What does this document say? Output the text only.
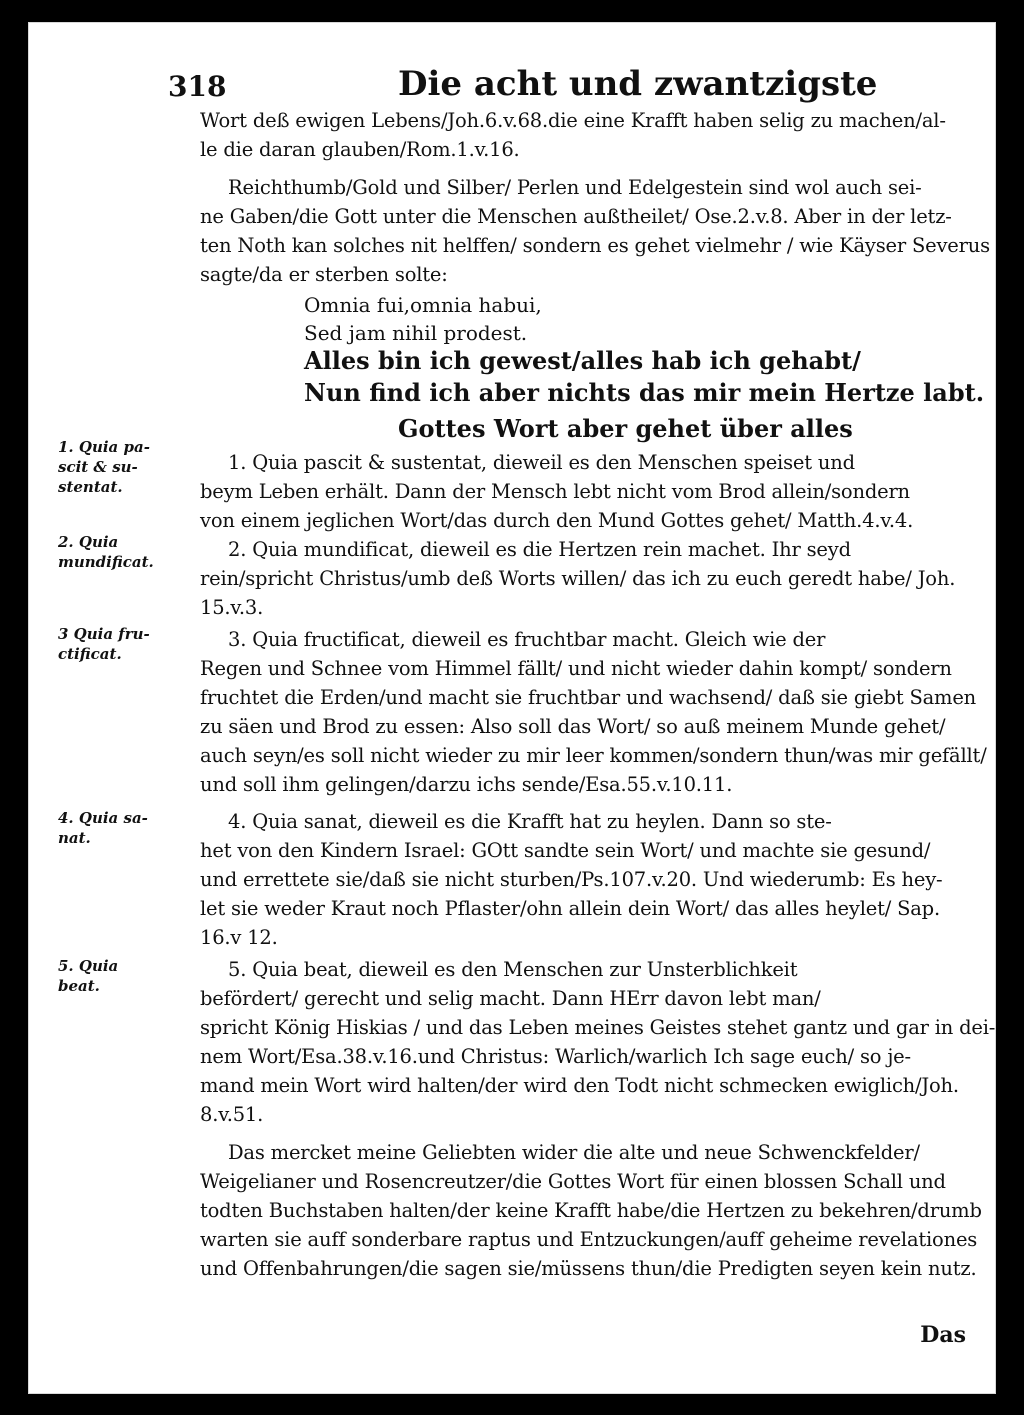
318	Die acht und zwantzigste
Wort deß ewigen Lebens/Joh.6.v.68.die eine Krafft haben selig zu machen/al-
le die daran glauben/Rom.1.v.16.
Reichthumb/Gold und Silber/ Perlen und Edelgestein sind wol auch sei-
ne Gaben/die Gott unter die Menschen außtheilet/ Ose.2.v.8. Aber in der letz-
ten Noth kan solches nit helffen/ sondern es gehet vielmehr / wie Käyser Severus
sagte/da er sterben solte:
Omnia fui,omnia habui,
Sed jam nihil prodest.
Alles bin ich gewest/alles hab ich gehabt/
Nun find ich aber nichts das mir mein Hertze labt.
Gottes Wort aber gehet über alles
1. Quia pa-
scit & su-
stentat.
1. Quia pascit & sustentat, dieweil es den Menschen speiset und
beym Leben erhält. Dann der Mensch lebt nicht vom Brod allein/sondern
von einem jeglichen Wort/das durch den Mund Gottes gehet/ Matth.4.v.4.
2. Quia
mundificat.
2. Quia mundificat, dieweil es die Hertzen rein machet. Ihr seyd
rein/spricht Christus/umb deß Worts willen/ das ich zu euch geredt habe/ Joh.
15.v.3.
3 Quia fru-
ctificat.
3. Quia fructificat, dieweil es fruchtbar macht. Gleich wie der
Regen und Schnee vom Himmel fällt/ und nicht wieder dahin kompt/ sondern
fruchtet die Erden/und macht sie fruchtbar und wachsend/ daß sie giebt Samen
zu säen und Brod zu essen: Also soll das Wort/ so auß meinem Munde gehet/
auch seyn/es soll nicht wieder zu mir leer kommen/sondern thun/was mir gefällt/
und soll ihm gelingen/darzu ichs sende/Esa.55.v.10.11.
4. Quia sa-
nat.
4. Quia sanat, dieweil es die Krafft hat zu heylen. Dann so ste-
het von den Kindern Israel: GOtt sandte sein Wort/ und machte sie gesund/
und errettete sie/daß sie nicht sturben/Ps.107.v.20. Und wiederumb: Es hey-
let sie weder Kraut noch Pflaster/ohn allein dein Wort/ das alles heylet/ Sap.
16.v 12.
5. Quia
beat.
5. Quia beat, dieweil es den Menschen zur Unsterblichkeit
befördert/ gerecht und selig macht. Dann HErr davon lebt man/
spricht König Hiskias / und das Leben meines Geistes stehet gantz und gar in dei-
nem Wort/Esa.38.v.16.und Christus: Warlich/warlich Ich sage euch/ so je-
mand mein Wort wird halten/der wird den Todt nicht schmecken ewiglich/Joh.
8.v.51.
Das mercket meine Geliebten wider die alte und neue Schwenckfelder/
Weigelianer und Rosencreutzer/die Gottes Wort für einen blossen Schall und
todten Buchstaben halten/der keine Krafft habe/die Hertzen zu bekehren/drumb
warten sie auff sonderbare raptus und Entzuckungen/auff geheime revelationes
und Offenbahrungen/die sagen sie/müssens thun/die Predigten seyen kein nutz.
Das
